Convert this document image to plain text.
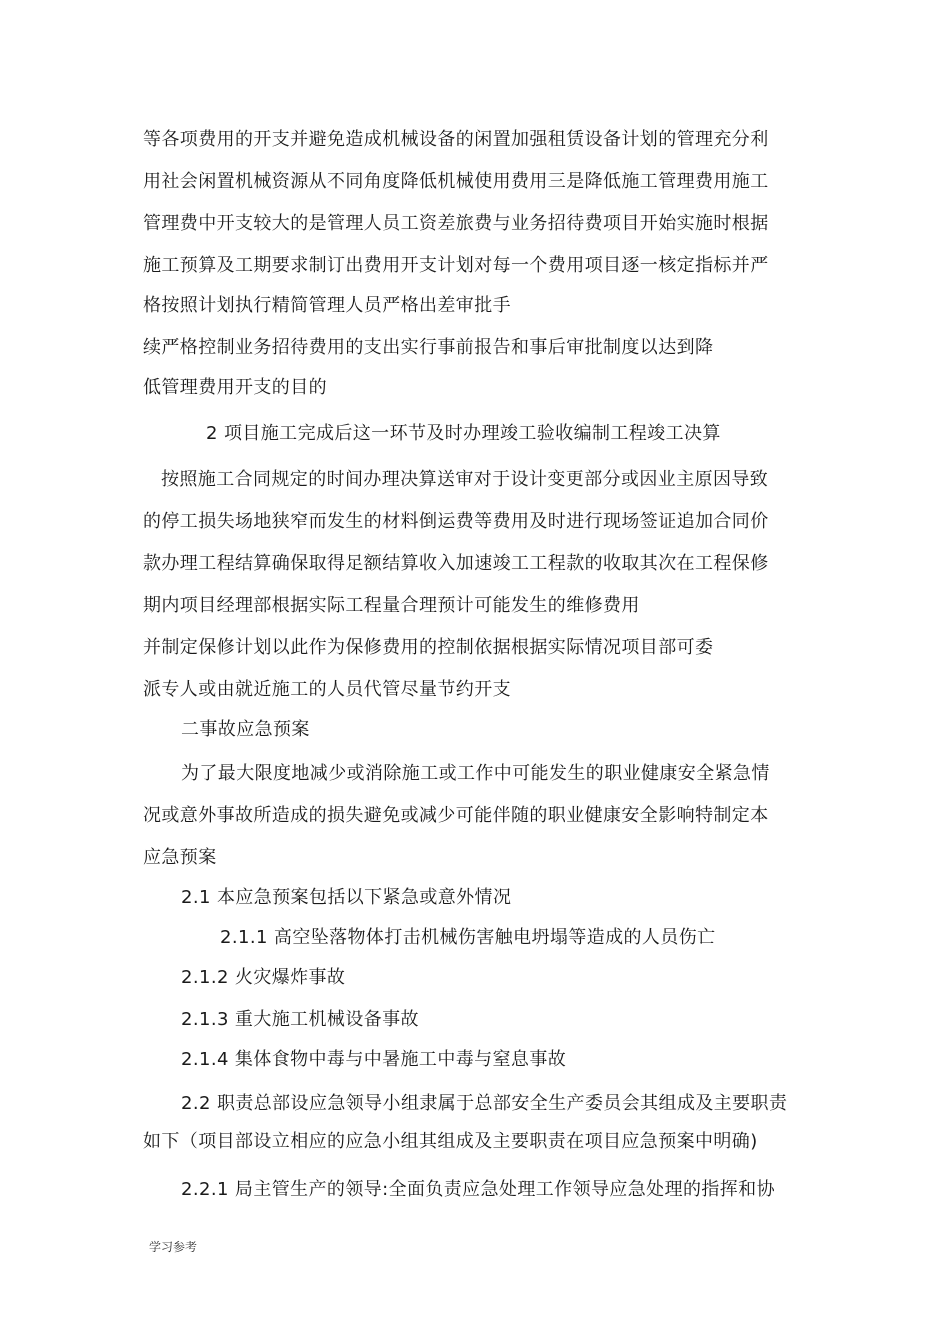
等各项费用的开支并避免造成机械设备的闲置加强租赁设备计划的管理充分利
用社会闲置机械资源从不同角度降低机械使用费用三是降低施工管理费用施工
管理费中开支较大的是管理人员工资差旅费与业务招待费项目开始实施时根据
施工预算及工期要求制订出费用开支计划对每一个费用项目逐一核定指标并严
格按照计划执行精简管理人员严格出差审批手
续严格控制业务招待费用的支出实行事前报告和事后审批制度以达到降
低管理费用开支的目的
2 项目施工完成后这一环节及时办理竣工验收编制工程竣工决算
按照施工合同规定的时间办理决算送审对于设计变更部分或因业主原因导致
的停工损失场地狭窄而发生的材料倒运费等费用及时进行现场签证追加合同价
款办理工程结算确保取得足额结算收入加速竣工工程款的收取其次在工程保修
期内项目经理部根据实际工程量合理预计可能发生的维修费用
并制定保修计划以此作为保修费用的控制依据根据实际情况项目部可委
派专人或由就近施工的人员代管尽量节约开支
二事故应急预案
为了最大限度地减少或消除施工或工作中可能发生的职业健康安全紧急情
况或意外事故所造成的损失避免或减少可能伴随的职业健康安全影响特制定本
应急预案
2.1 本应急预案包括以下紧急或意外情况
2.1.1 高空坠落物体打击机械伤害触电坍塌等造成的人员伤亡
2.1.2 火灾爆炸事故
2.1.3 重大施工机械设备事故
2.1.4 集体食物中毒与中暑施工中毒与窒息事故
2.2 职责总部设应急领导小组隶属于总部安全生产委员会其组成及主要职责
如下（项目部设立相应的应急小组其组成及主要职责在项目应急预案中明确)
2.2.1 局主管生产的领导:全面负责应急处理工作领导应急处理的指挥和协
学习参考
